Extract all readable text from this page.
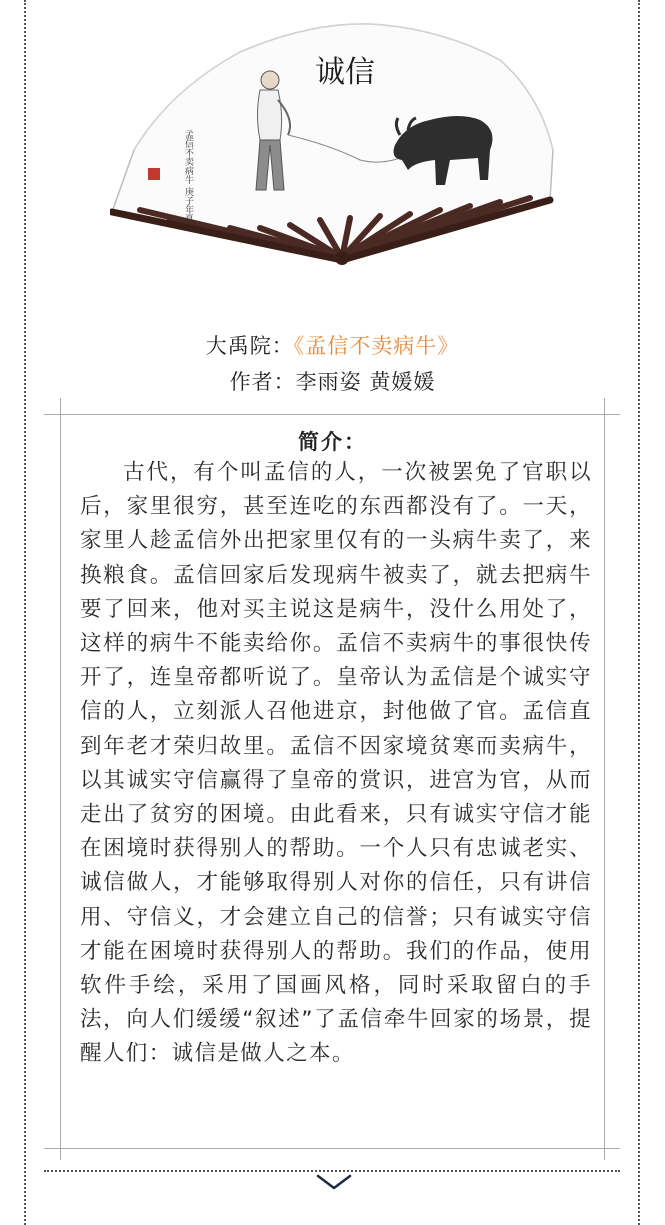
诚信
孟信不卖病牛 庚子年夏
大禹院：《孟信不卖病牛》
作者：李雨姿 黄媛媛
简介：
古代，有个叫孟信的人，一次被罢免了官职以后，家里很穷，甚至连吃的东西都没有了。一天，家里人趁孟信外出把家里仅有的一头病牛卖了，来换粮食。孟信回家后发现病牛被卖了，就去把病牛要了回来，他对买主说这是病牛，没什么用处了，这样的病牛不能卖给你。孟信不卖病牛的事很快传开了，连皇帝都听说了。皇帝认为孟信是个诚实守信的人，立刻派人召他进京，封他做了官。孟信直到年老才荣归故里。孟信不因家境贫寒而卖病牛，以其诚实守信赢得了皇帝的赏识，进宫为官，从而走出了贫穷的困境。由此看来，只有诚实守信才能在困境时获得别人的帮助。一个人只有忠诚老实、诚信做人，才能够取得别人对你的信任，只有讲信用、守信义，才会建立自己的信誉；只有诚实守信才能在困境时获得别人的帮助。我们的作品，使用软件手绘，采用了国画风格，同时采取留白的手法，向人们缓缓“叙述”了孟信牵牛回家的场景，提醒人们：诚信是做人之本。
